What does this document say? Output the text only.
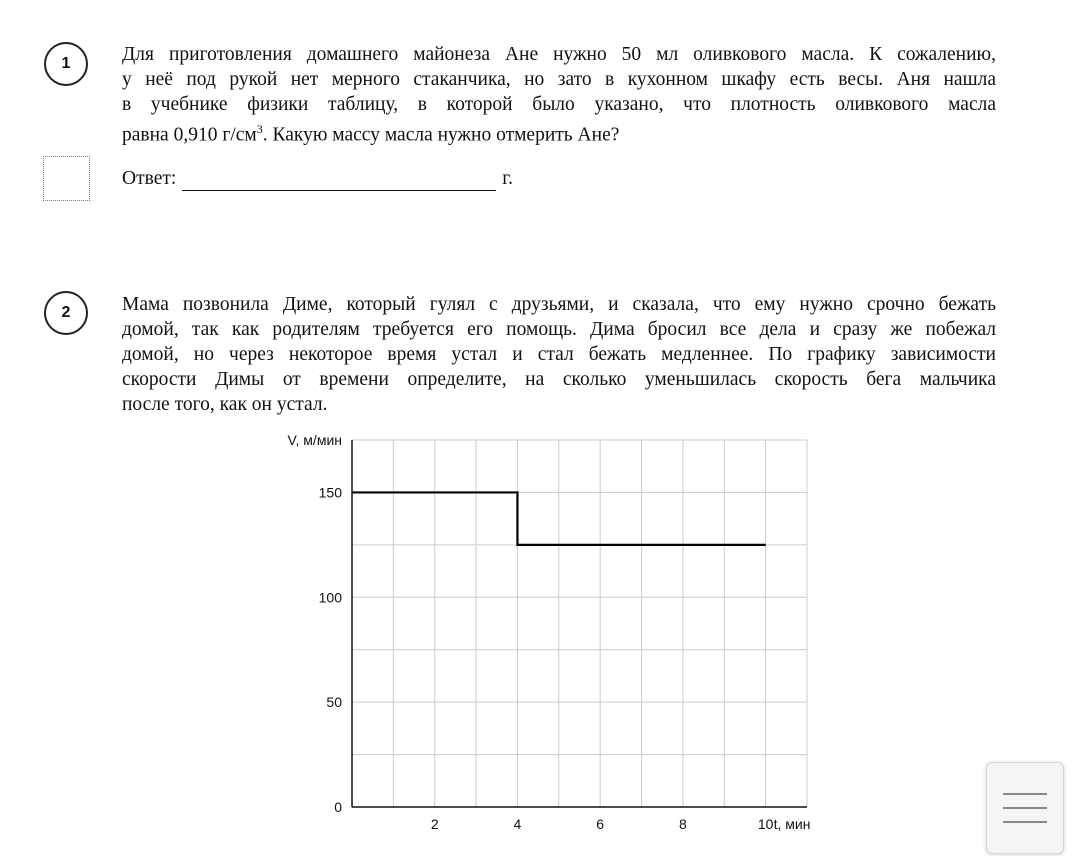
1	Для приготовления домашнего майонеза Ане нужно 50 мл оливкового масла. К сожалению,
у неё под рукой нет мерного стаканчика, но зато в кухонном шкафу есть весы. Аня нашла
в учебнике физики таблицу, в которой было указано, что плотность оливкового масла
равна 0,910 $г/см^3$. Какую массу масла нужно отмерить Ане?
Ответ:	г.
2	Мама позвонила Диме, который гулял с друзьями, и сказала, что ему нужно срочно бежать
домой, так как родителям требуется его помощь. Дима бросил все дела и сразу же побежал
домой, но через некоторое время устал и стал бежать медленнее. По графику зависимости
скорости Димы от времени определите, на сколько уменьшилась скорость бега мальчика
после того, как он устал.
0
50
100
150
2	4	6	8	10
V, м/мин
t, мин
